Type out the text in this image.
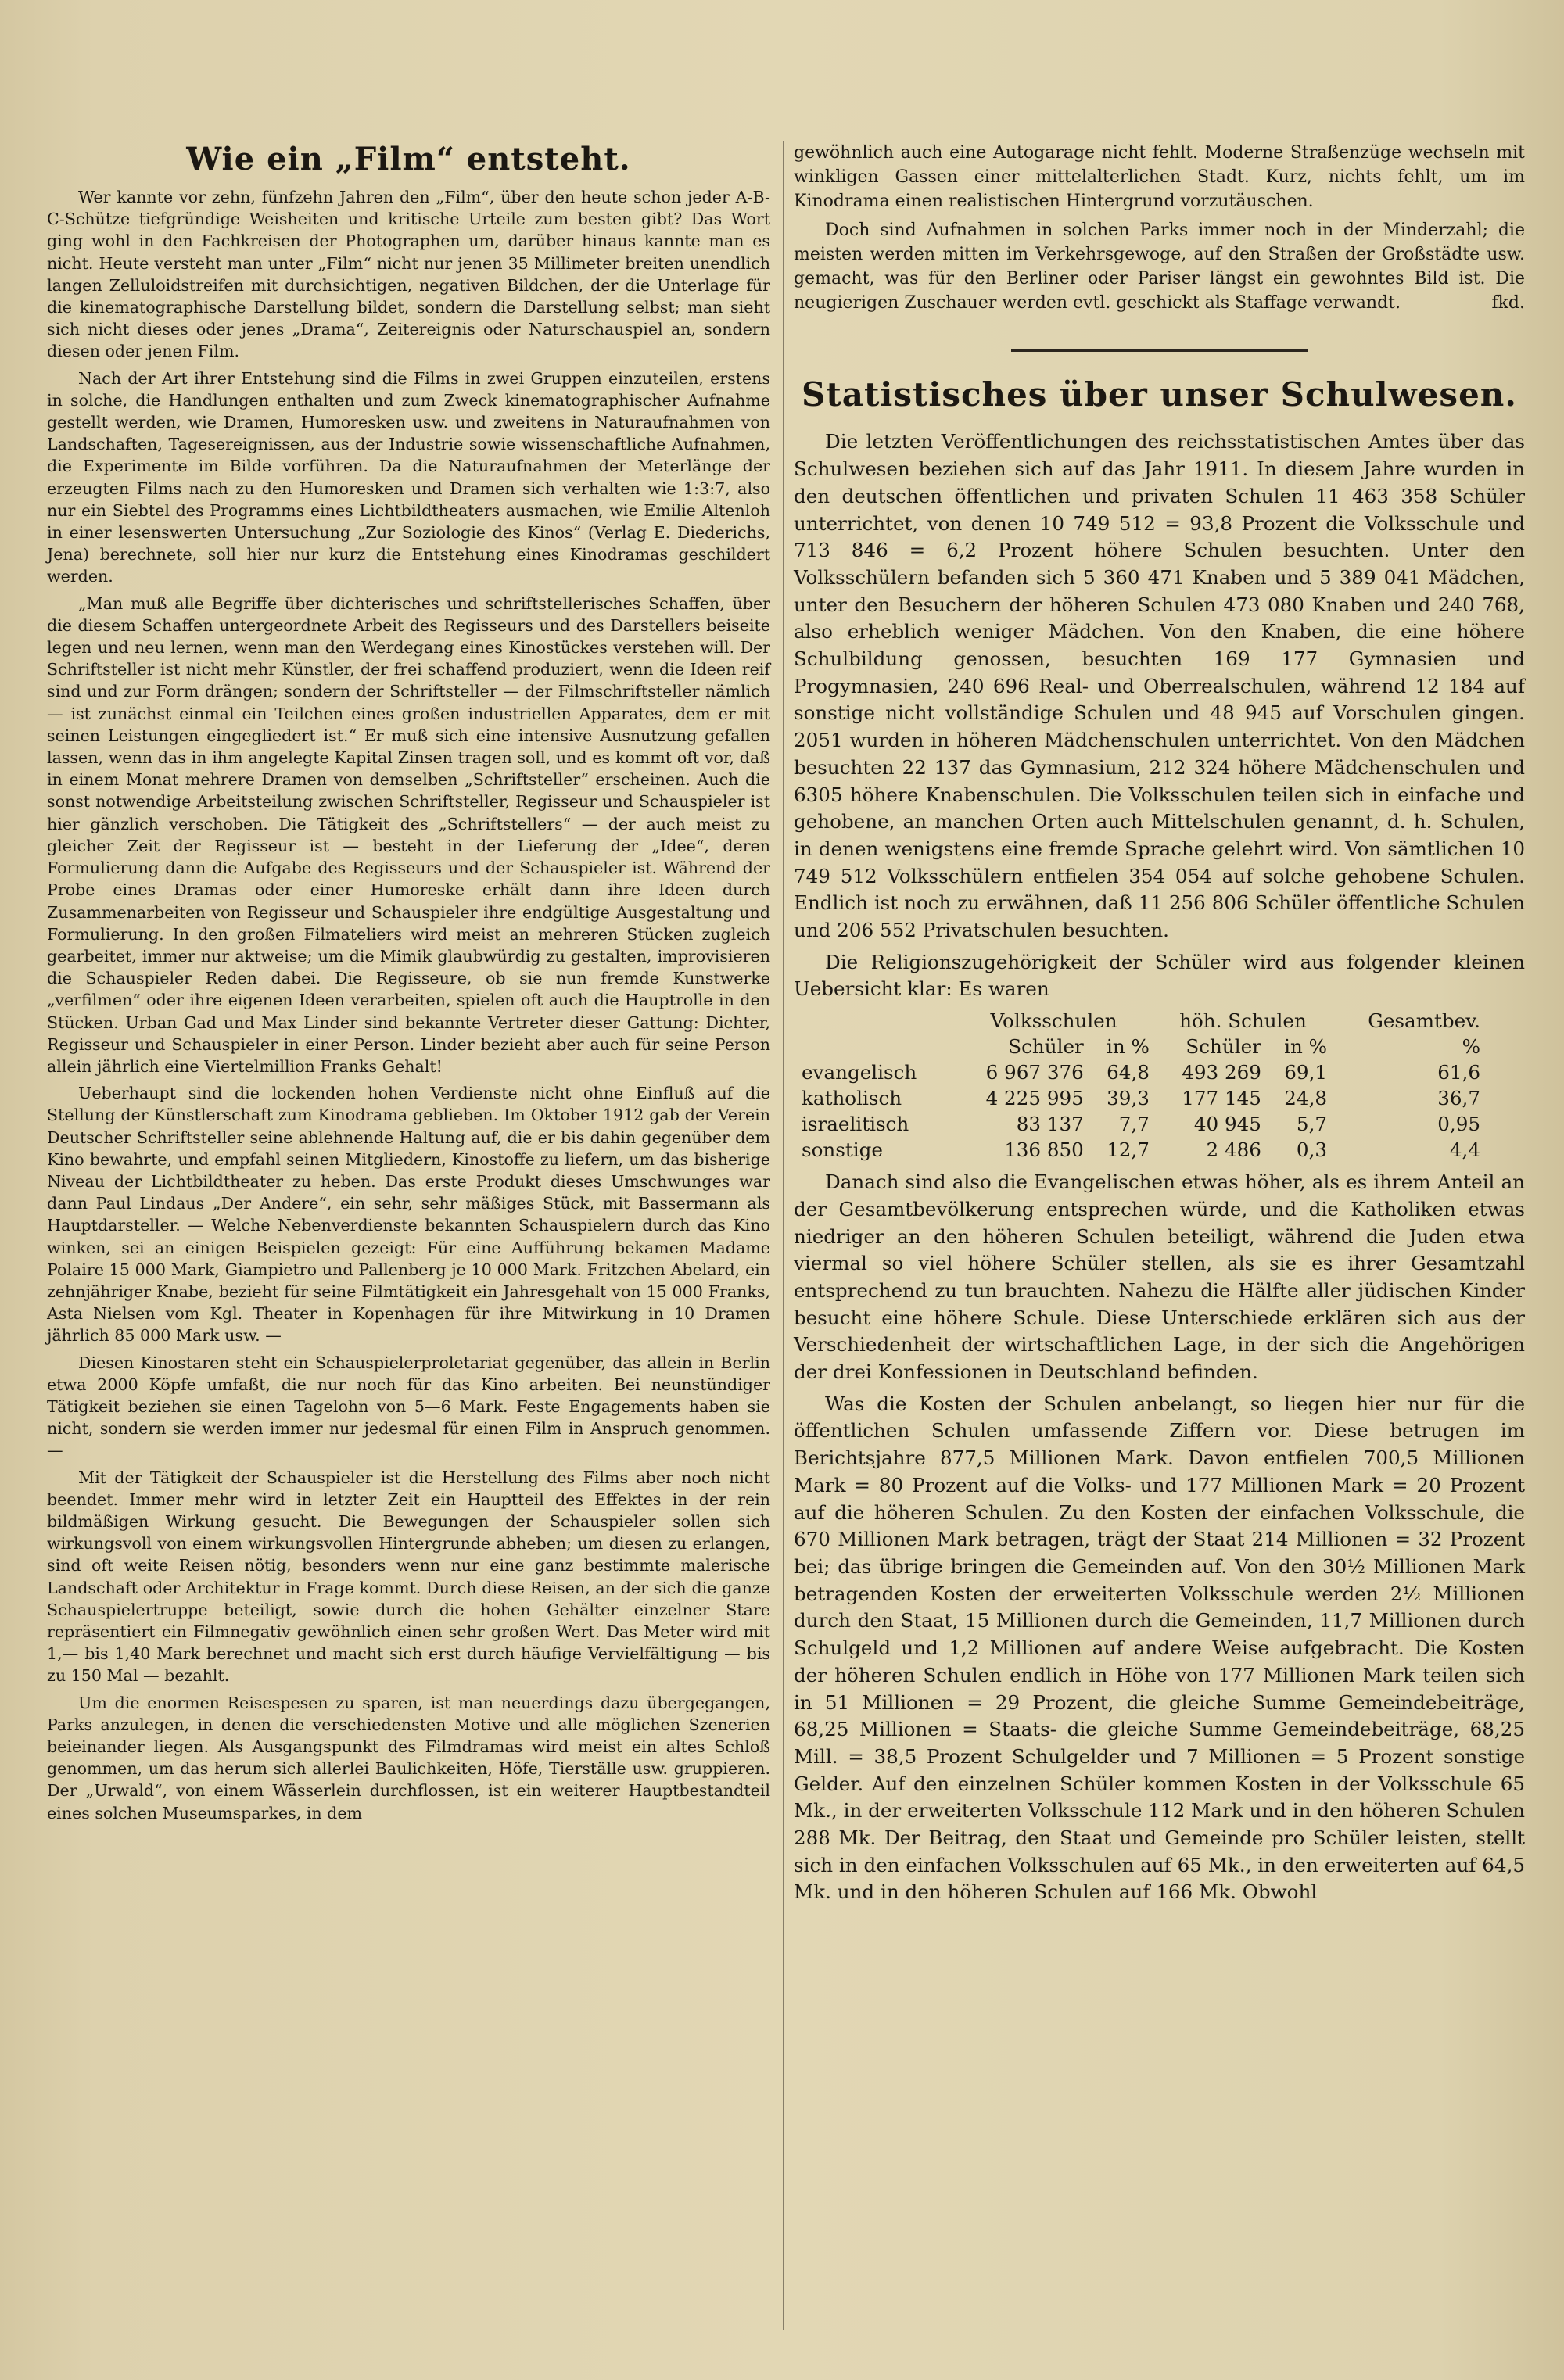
Wie ein „Film“ entsteht.

Wer kannte vor zehn, fünfzehn Jahren den „Film“, über den heute schon jeder A-B-C-Schütze tiefgründige Weisheiten und kritische Urteile zum besten gibt? Das Wort ging wohl in den Fachkreisen der Photographen um, darüber hinaus kannte man es nicht. Heute versteht man unter „Film“ nicht nur jenen 35 Millimeter breiten unendlich langen Zelluloidstreifen mit durchsichtigen, negativen Bildchen, der die Unterlage für die kinematographische Darstellung bildet, sondern die Darstellung selbst; man sieht sich nicht dieses oder jenes „Drama“, Zeitereignis oder Naturschauspiel an, sondern diesen oder jenen Film.

Nach der Art ihrer Entstehung sind die Films in zwei Gruppen einzuteilen, erstens in solche, die Handlungen enthalten und zum Zweck kinematographischer Aufnahme gestellt werden, wie Dramen, Humoresken usw. und zweitens in Naturaufnahmen von Landschaften, Tagesereignissen, aus der Industrie sowie wissenschaftliche Aufnahmen, die Experimente im Bilde vorführen. Da die Naturaufnahmen der Meterlänge der erzeugten Films nach zu den Humoresken und Dramen sich verhalten wie 1:3:7, also nur ein Siebtel des Programms eines Lichtbildtheaters ausmachen, wie Emilie Altenloh in einer lesenswerten Untersuchung „Zur Soziologie des Kinos“ (Verlag E. Diederichs, Jena) berechnete, soll hier nur kurz die Entstehung eines Kinodramas geschildert werden.

„Man muß alle Begriffe über dichterisches und schriftstellerisches Schaffen, über die diesem Schaffen untergeordnete Arbeit des Regisseurs und des Darstellers beiseite legen und neu lernen, wenn man den Werdegang eines Kinostückes verstehen will. Der Schriftsteller ist nicht mehr Künstler, der frei schaffend produziert, wenn die Ideen reif sind und zur Form drängen; sondern der Schriftsteller — der Filmschriftsteller nämlich — ist zunächst einmal ein Teilchen eines großen industriellen Apparates, dem er mit seinen Leistungen eingegliedert ist.“ Er muß sich eine intensive Ausnutzung gefallen lassen, wenn das in ihm angelegte Kapital Zinsen tragen soll, und es kommt oft vor, daß in einem Monat mehrere Dramen von demselben „Schriftsteller“ erscheinen. Auch die sonst notwendige Arbeitsteilung zwischen Schriftsteller, Regisseur und Schauspieler ist hier gänzlich verschoben. Die Tätigkeit des „Schriftstellers“ — der auch meist zu gleicher Zeit der Regisseur ist — besteht in der Lieferung der „Idee“, deren Formulierung dann die Aufgabe des Regisseurs und der Schauspieler ist. Während der Probe eines Dramas oder einer Humoreske erhält dann ihre Ideen durch Zusammenarbeiten von Regisseur und Schauspieler ihre endgültige Ausgestaltung und Formulierung. In den großen Filmateliers wird meist an mehreren Stücken zugleich gearbeitet, immer nur aktweise; um die Mimik glaubwürdig zu gestalten, improvisieren die Schauspieler Reden dabei. Die Regisseure, ob sie nun fremde Kunstwerke „verfilmen“ oder ihre eigenen Ideen verarbeiten, spielen oft auch die Hauptrolle in den Stücken. Urban Gad und Max Linder sind bekannte Vertreter dieser Gattung: Dichter, Regisseur und Schauspieler in einer Person. Linder bezieht aber auch für seine Person allein jährlich eine Viertelmillion Franks Gehalt!

Ueberhaupt sind die lockenden hohen Verdienste nicht ohne Einfluß auf die Stellung der Künstlerschaft zum Kinodrama geblieben. Im Oktober 1912 gab der Verein Deutscher Schriftsteller seine ablehnende Haltung auf, die er bis dahin gegenüber dem Kino bewahrte, und empfahl seinen Mitgliedern, Kinostoffe zu liefern, um das bisherige Niveau der Lichtbildtheater zu heben. Das erste Produkt dieses Umschwunges war dann Paul Lindaus „Der Andere“, ein sehr, sehr mäßiges Stück, mit Bassermann als Hauptdarsteller. — Welche Nebenverdienste bekannten Schauspielern durch das Kino winken, sei an einigen Beispielen gezeigt: Für eine Aufführung bekamen Madame Polaire 15 000 Mark, Giampietro und Pallenberg je 10 000 Mark. Fritzchen Abelard, ein zehnjähriger Knabe, bezieht für seine Filmtätigkeit ein Jahresgehalt von 15 000 Franks, Asta Nielsen vom Kgl. Theater in Kopenhagen für ihre Mitwirkung in 10 Dramen jährlich 85 000 Mark usw. —

Diesen Kinostaren steht ein Schauspielerproletariat gegenüber, das allein in Berlin etwa 2000 Köpfe umfaßt, die nur noch für das Kino arbeiten. Bei neunstündiger Tätigkeit beziehen sie einen Tagelohn von 5—6 Mark. Feste Engagements haben sie nicht, sondern sie werden immer nur jedesmal für einen Film in Anspruch genommen. —

Mit der Tätigkeit der Schauspieler ist die Herstellung des Films aber noch nicht beendet. Immer mehr wird in letzter Zeit ein Hauptteil des Effektes in der rein bildmäßigen Wirkung gesucht. Die Bewegungen der Schauspieler sollen sich wirkungsvoll von einem wirkungsvollen Hintergrunde abheben; um diesen zu erlangen, sind oft weite Reisen nötig, besonders wenn nur eine ganz bestimmte malerische Landschaft oder Architektur in Frage kommt. Durch diese Reisen, an der sich die ganze Schauspielertruppe beteiligt, sowie durch die hohen Gehälter einzelner Stare repräsentiert ein Filmnegativ gewöhnlich einen sehr großen Wert. Das Meter wird mit 1,— bis 1,40 Mark berechnet und macht sich erst durch häufige Vervielfältigung — bis zu 150 Mal — bezahlt.

Um die enormen Reisespesen zu sparen, ist man neuerdings dazu übergegangen, Parks anzulegen, in denen die verschiedensten Motive und alle möglichen Szenerien beieinander liegen. Als Ausgangspunkt des Filmdramas wird meist ein altes Schloß genommen, um das herum sich allerlei Baulichkeiten, Höfe, Tierställe usw. gruppieren. Der „Urwald“, von einem Wässerlein durchflossen, ist ein weiterer Hauptbestandteil eines solchen Museumsparkes, in dem

gewöhnlich auch eine Autogarage nicht fehlt. Moderne Straßenzüge wechseln mit winkligen Gassen einer mittelalterlichen Stadt. Kurz, nichts fehlt, um im Kinodrama einen realistischen Hintergrund vorzutäuschen.

Doch sind Aufnahmen in solchen Parks immer noch in der Minderzahl; die meisten werden mitten im Verkehrsgewoge, auf den Straßen der Großstädte usw. gemacht, was für den Berliner oder Pariser längst ein gewohntes Bild ist. Die neugierigen Zuschauer werden evtl. geschickt als Staffage verwandt.	fkd.

Statistisches über unser Schulwesen.

Die letzten Veröffentlichungen des reichsstatistischen Amtes über das Schulwesen beziehen sich auf das Jahr 1911. In diesem Jahre wurden in den deutschen öffentlichen und privaten Schulen 11 463 358 Schüler unterrichtet, von denen 10 749 512 = 93,8 Prozent die Volksschule und 713 846 = 6,2 Prozent höhere Schulen besuchten. Unter den Volksschülern befanden sich 5 360 471 Knaben und 5 389 041 Mädchen, unter den Besuchern der höheren Schulen 473 080 Knaben und 240 768, also erheblich weniger Mädchen. Von den Knaben, die eine höhere Schulbildung genossen, besuchten 169 177 Gymnasien und Progymnasien, 240 696 Real- und Oberrealschulen, während 12 184 auf sonstige nicht vollständige Schulen und 48 945 auf Vorschulen gingen. 2051 wurden in höheren Mädchenschulen unterrichtet. Von den Mädchen besuchten 22 137 das Gymnasium, 212 324 höhere Mädchenschulen und 6305 höhere Knabenschulen. Die Volksschulen teilen sich in einfache und gehobene, an manchen Orten auch Mittelschulen genannt, d. h. Schulen, in denen wenigstens eine fremde Sprache gelehrt wird. Von sämtlichen 10 749 512 Volksschülern entfielen 354 054 auf solche gehobene Schulen. Endlich ist noch zu erwähnen, daß 11 256 806 Schüler öffentliche Schulen und 206 552 Privatschulen besuchten.

Die Religionszugehörigkeit der Schüler wird aus folgender kleinen Uebersicht klar: Es waren

	Volksschulen		höh. Schulen		Gesamtbev.
	Schüler	in %	Schüler	in %	%
evangelisch	6 967 376	64,8	493 269	69,1	61,6
katholisch	4 225 995	39,3	177 145	24,8	36,7
israelitisch	83 137	7,7	40 945	5,7	0,95
sonstige	136 850	12,7	2 486	0,3	4,4

Danach sind also die Evangelischen etwas höher, als es ihrem Anteil an der Gesamtbevölkerung entsprechen würde, und die Katholiken etwas niedriger an den höheren Schulen beteiligt, während die Juden etwa viermal so viel höhere Schüler stellen, als sie es ihrer Gesamtzahl entsprechend zu tun brauchten. Nahezu die Hälfte aller jüdischen Kinder besucht eine höhere Schule. Diese Unterschiede erklären sich aus der Verschiedenheit der wirtschaftlichen Lage, in der sich die Angehörigen der drei Konfessionen in Deutschland befinden.

Was die Kosten der Schulen anbelangt, so liegen hier nur für die öffentlichen Schulen umfassende Ziffern vor. Diese betrugen im Berichtsjahre 877,5 Millionen Mark. Davon entfielen 700,5 Millionen Mark = 80 Prozent auf die Volks- und 177 Millionen Mark = 20 Prozent auf die höheren Schulen. Zu den Kosten der einfachen Volksschule, die 670 Millionen Mark betragen, trägt der Staat 214 Millionen = 32 Prozent bei; das übrige bringen die Gemeinden auf. Von den 30½ Millionen Mark betragenden Kosten der erweiterten Volksschule werden 2½ Millionen durch den Staat, 15 Millionen durch die Gemeinden, 11,7 Millionen durch Schulgeld und 1,2 Millionen auf andere Weise aufgebracht. Die Kosten der höheren Schulen endlich in Höhe von 177 Millionen Mark teilen sich in 51 Millionen = 29 Prozent, die gleiche Summe Gemeindebeiträge, 68,25 Millionen = Staats- die gleiche Summe Gemeindebeiträge, 68,25 Mill. = 38,5 Prozent Schulgelder und 7 Millionen = 5 Prozent sonstige Gelder. Auf den einzelnen Schüler kommen Kosten in der Volksschule 65 Mk., in der erweiterten Volksschule 112 Mark und in den höheren Schulen 288 Mk. Der Beitrag, den Staat und Gemeinde pro Schüler leisten, stellt sich in den einfachen Volksschulen auf 65 Mk., in den erweiterten auf 64,5 Mk. und in den höheren Schulen auf 166 Mk. Obwohl
